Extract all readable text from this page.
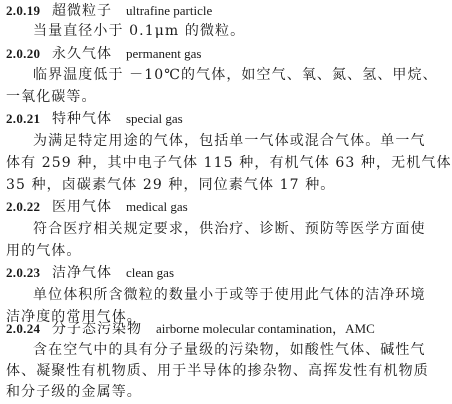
2.0.19 超微粒子 ultrafine particle
当量直径小于 0.1μm 的微粒。
2.0.20 永久气体 permanent gas
临界温度低于 －10℃的气体，如空气、氧、氮、氢、甲烷、
一氧化碳等。
2.0.21 特种气体 special gas
为满足特定用途的气体，包括单一气体或混合气体。单一气
体有 259 种，其中电子气体 115 种，有机气体 63 种，无机气体
35 种，卤碳素气体 29 种，同位素气体 17 种。
2.0.22 医用气体 medical gas
符合医疗相关规定要求，供治疗、诊断、预防等医学方面使
用的气体。
2.0.23 洁净气体 clean gas
单位体积所含微粒的数量小于或等于使用此气体的洁净环境
洁净度的常用气体。
2.0.24 分子态污染物 airborne molecular contamination，AMC
含在空气中的具有分子量级的污染物，如酸性气体、碱性气
体、凝聚性有机物质、用于半导体的掺杂物、高挥发性有机物质
和分子级的金属等。
